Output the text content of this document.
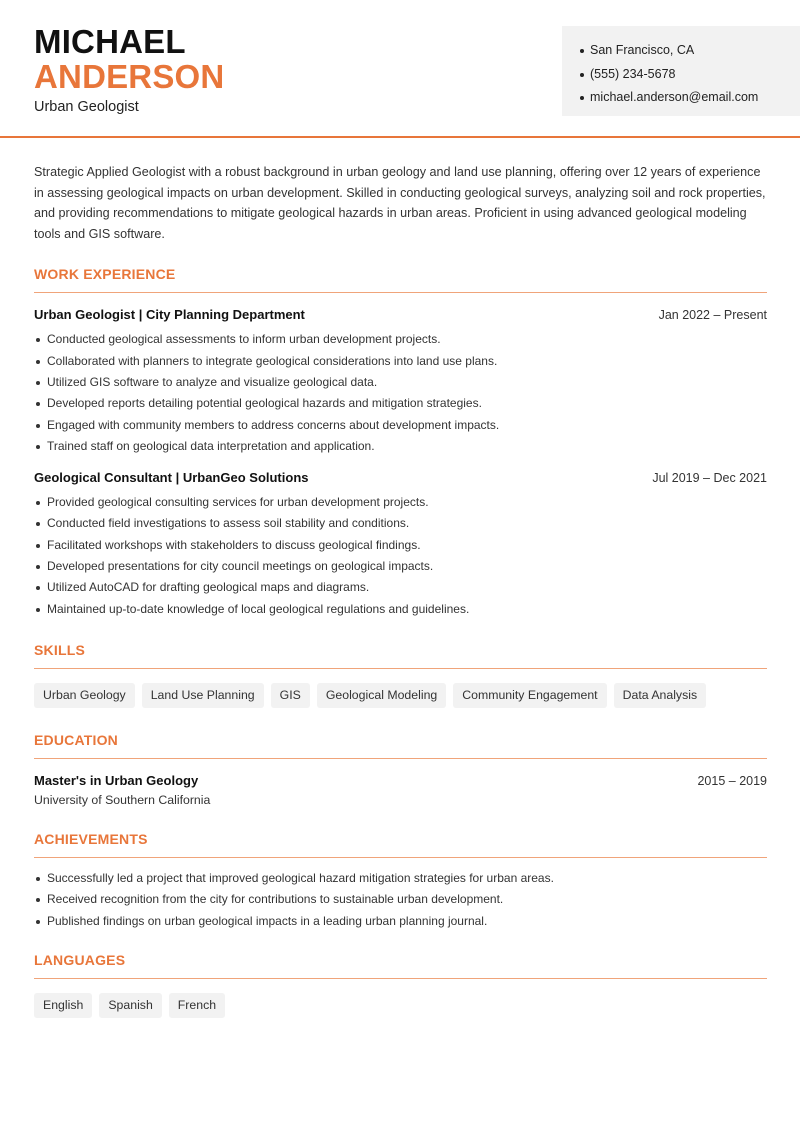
MICHAEL
ANDERSON
Urban Geologist
San Francisco, CA
(555) 234-5678
michael.anderson@email.com

Strategic Applied Geologist with a robust background in urban geology and land use planning, offering over 12 years of experience in assessing geological impacts on urban development. Skilled in conducting geological surveys, analyzing soil and rock properties, and providing recommendations to mitigate geological hazards in urban areas. Proficient in using advanced geological modeling tools and GIS software.

WORK EXPERIENCE
Urban Geologist | City Planning Department	Jan 2022 – Present
Conducted geological assessments to inform urban development projects.
Collaborated with planners to integrate geological considerations into land use plans.
Utilized GIS software to analyze and visualize geological data.
Developed reports detailing potential geological hazards and mitigation strategies.
Engaged with community members to address concerns about development impacts.
Trained staff on geological data interpretation and application.
Geological Consultant | UrbanGeo Solutions	Jul 2019 – Dec 2021
Provided geological consulting services for urban development projects.
Conducted field investigations to assess soil stability and conditions.
Facilitated workshops with stakeholders to discuss geological findings.
Developed presentations for city council meetings on geological impacts.
Utilized AutoCAD for drafting geological maps and diagrams.
Maintained up-to-date knowledge of local geological regulations and guidelines.
SKILLS
Urban Geology	Land Use Planning	GIS	Geological Modeling	Community Engagement	Data Analysis
EDUCATION
Master's in Urban Geology	2015 – 2019
University of Southern California
ACHIEVEMENTS
Successfully led a project that improved geological hazard mitigation strategies for urban areas.
Received recognition from the city for contributions to sustainable urban development.
Published findings on urban geological impacts in a leading urban planning journal.
LANGUAGES
English	Spanish	French
